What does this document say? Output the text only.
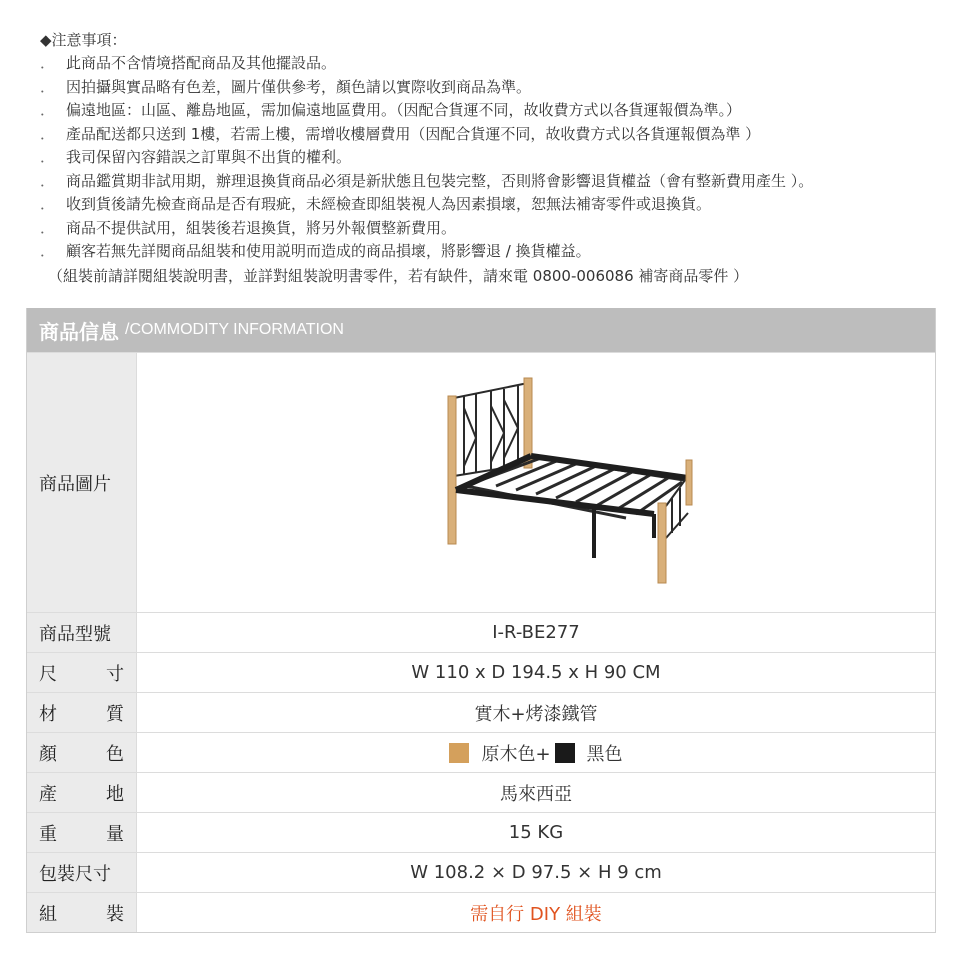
◆注意事項：
． 此商品不含情境搭配商品及其他擺設品。
． 因拍攝與實品略有色差，圖片僅供參考，顏色請以實際收到商品為準。
． 偏遠地區：山區、離島地區，需加偏遠地區費用。（因配合貨運不同，故收費方式以各貨運報價為準。）
． 產品配送都只送到 1樓，若需上樓，需增收樓層費用（因配合貨運不同，故收費方式以各貨運報價為準 ）
． 我司保留內容錯誤之訂單與不出貨的權利。
． 商品鑑賞期非試用期，辦理退換貨商品必須是新狀態且包裝完整，否則將會影響退貨權益（會有整新費用產生 ）。
． 收到貨後請先檢查商品是否有瑕疵，未經檢查即組裝視人為因素損壞，恕無法補寄零件或退換貨。
． 商品不提供試用，組裝後若退換貨，將另外報價整新費用。
． 顧客若無先詳閱商品組裝和使用説明而造成的商品損壞，將影響退 / 換貨權益。
（組裝前請詳閱組裝說明書，並詳對組裝說明書零件，若有缺件，請來電 0800-006086 補寄商品零件 ）
商品信息 /COMMODITY INFORMATION
商品圖片
商品型號	I-R-BE277
尺	寸	W 110 x D 194.5 x H 90 CM
材	質	實木+烤漆鐵管
顏	色	原木色+ 黑色
產	地	馬來西亞
重	量	15 KG
包裝尺寸	W 108.2 × D 97.5 × H 9 cm
組	裝	需自行 DIY 組裝
